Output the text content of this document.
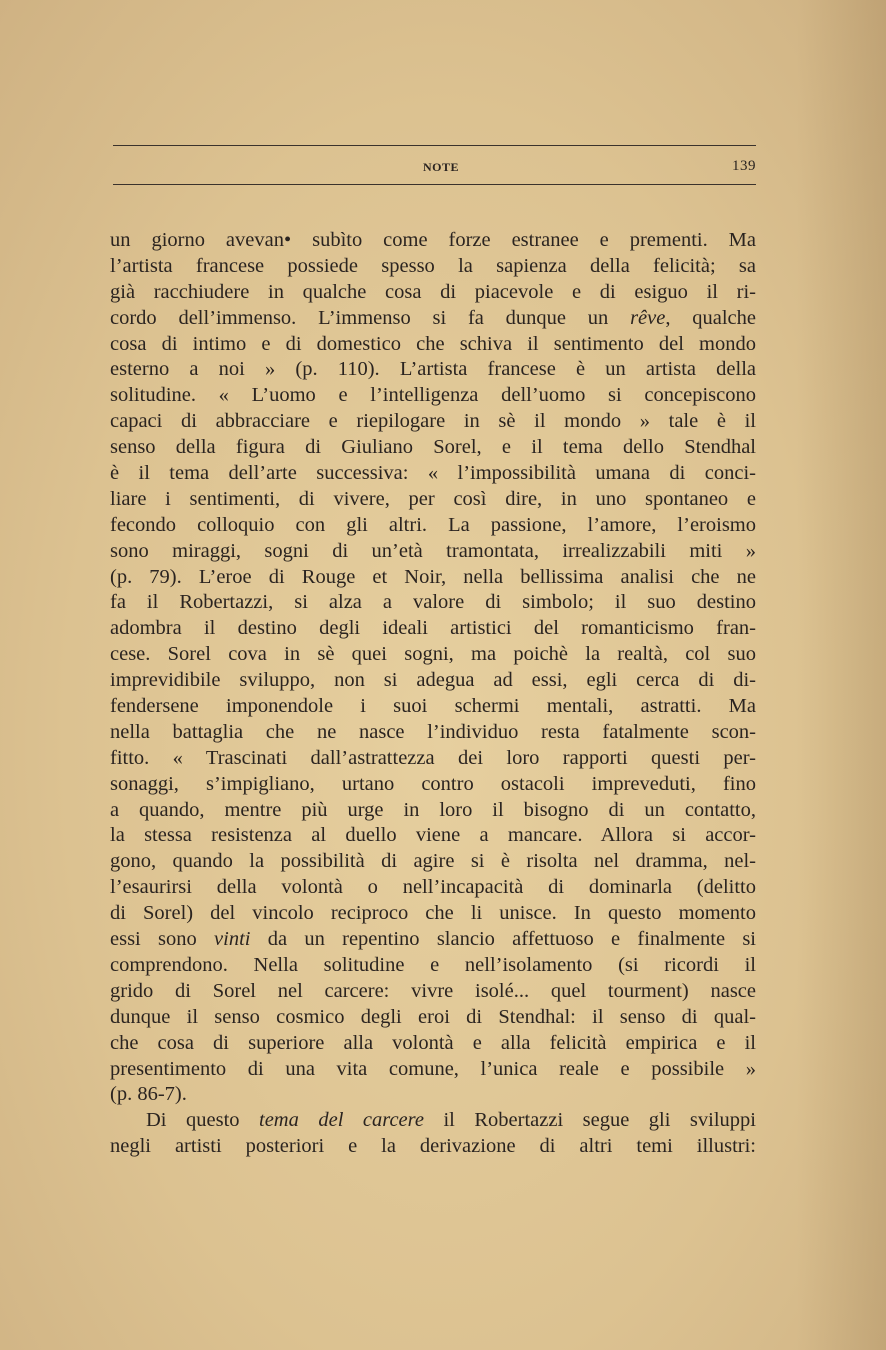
NOTE	139
un giorno avevan• subìto come forze estranee e prementi. Ma
l’artista francese possiede spesso la sapienza della felicità; sa
già racchiudere in qualche cosa di piacevole e di esiguo il ri-
cordo dell’immenso. L’immenso si fa dunque un rêve, qualche
cosa di intimo e di domestico che schiva il sentimento del mondo
esterno a noi » (p. 110). L’artista francese è un artista della
solitudine. « L’uomo e l’intelligenza dell’uomo si concepiscono
capaci di abbracciare e riepilogare in sè il mondo » tale è il
senso della figura di Giuliano Sorel, e il tema dello Stendhal
è il tema dell’arte successiva: « l’impossibilità umana di conci-
liare i sentimenti, di vivere, per così dire, in uno spontaneo e
fecondo colloquio con gli altri. La passione, l’amore, l’eroismo
sono miraggi, sogni di un’età tramontata, irrealizzabili miti »
(p. 79). L’eroe di Rouge et Noir, nella bellissima analisi che ne
fa il Robertazzi, si alza a valore di simbolo; il suo destino
adombra il destino degli ideali artistici del romanticismo fran-
cese. Sorel cova in sè quei sogni, ma poichè la realtà, col suo
imprevidibile sviluppo, non si adegua ad essi, egli cerca di di-
fendersene imponendole i suoi schermi mentali, astratti. Ma
nella battaglia che ne nasce l’individuo resta fatalmente scon-
fitto. « Trascinati dall’astrattezza dei loro rapporti questi per-
sonaggi, s’impigliano, urtano contro ostacoli impreveduti, fino
a quando, mentre più urge in loro il bisogno di un contatto,
la stessa resistenza al duello viene a mancare. Allora si accor-
gono, quando la possibilità di agire si è risolta nel dramma, nel-
l’esaurirsi della volontà o nell’incapacità di dominarla (delitto
di Sorel) del vincolo reciproco che li unisce. In questo momento
essi sono vinti da un repentino slancio affettuoso e finalmente si
comprendono. Nella solitudine e nell’isolamento (si ricordi il
grido di Sorel nel carcere: vivre isolé... quel tourment) nasce
dunque il senso cosmico degli eroi di Stendhal: il senso di qual-
che cosa di superiore alla volontà e alla felicità empirica e il
presentimento di una vita comune, l’unica reale e possibile »
(p. 86-7).
Di questo tema del carcere il Robertazzi segue gli sviluppi
negli artisti posteriori e la derivazione di altri temi illustri:
